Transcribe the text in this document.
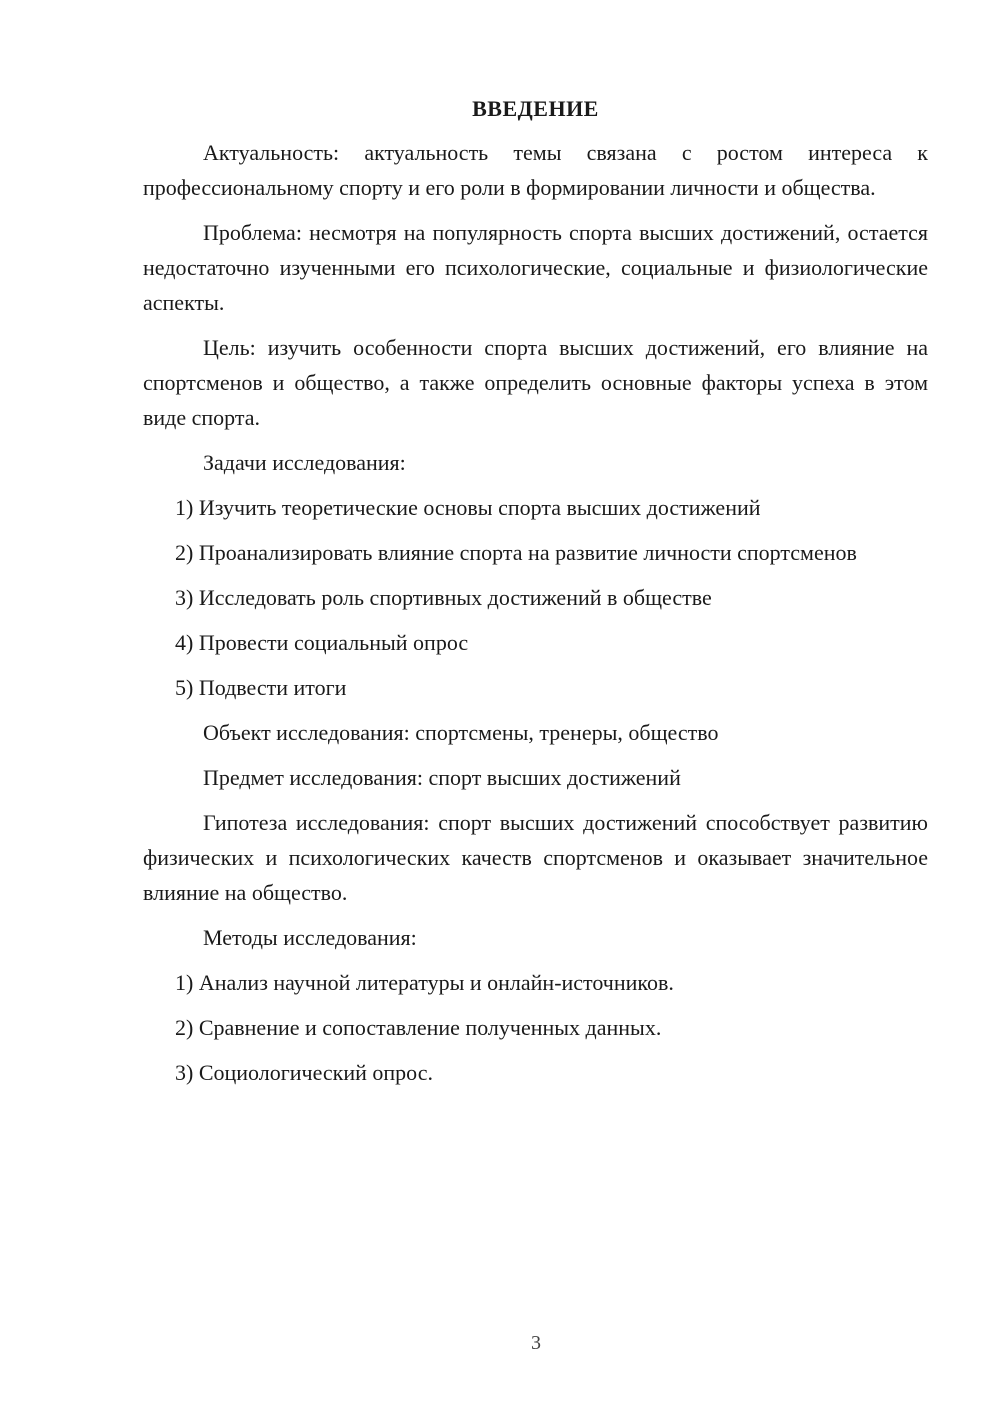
ВВЕДЕНИЕ

Актуальность: актуальность темы связана с ростом интереса к профессиональному спорту и его роли в формировании личности и общества.

Проблема: несмотря на популярность спорта высших достижений, остается недостаточно изученными его психологические, социальные и физиологические аспекты.

Цель: изучить особенности спорта высших достижений, его влияние на спортсменов и общество, а также определить основные факторы успеха в этом виде спорта.

Задачи исследования:

1) Изучить теоретические основы спорта высших достижений

2) Проанализировать влияние спорта на развитие личности спортсменов

3) Исследовать роль спортивных достижений в обществе

4) Провести социальный опрос

5) Подвести итоги

Объект исследования: спортсмены, тренеры, общество

Предмет исследования: спорт высших достижений

Гипотеза исследования: спорт высших достижений способствует развитию физических и психологических качеств спортсменов и оказывает значительное влияние на общество.

Методы исследования:

1) Анализ научной литературы и онлайн-источников.

2) Сравнение и сопоставление полученных данных.

3) Социологический опрос.

3
